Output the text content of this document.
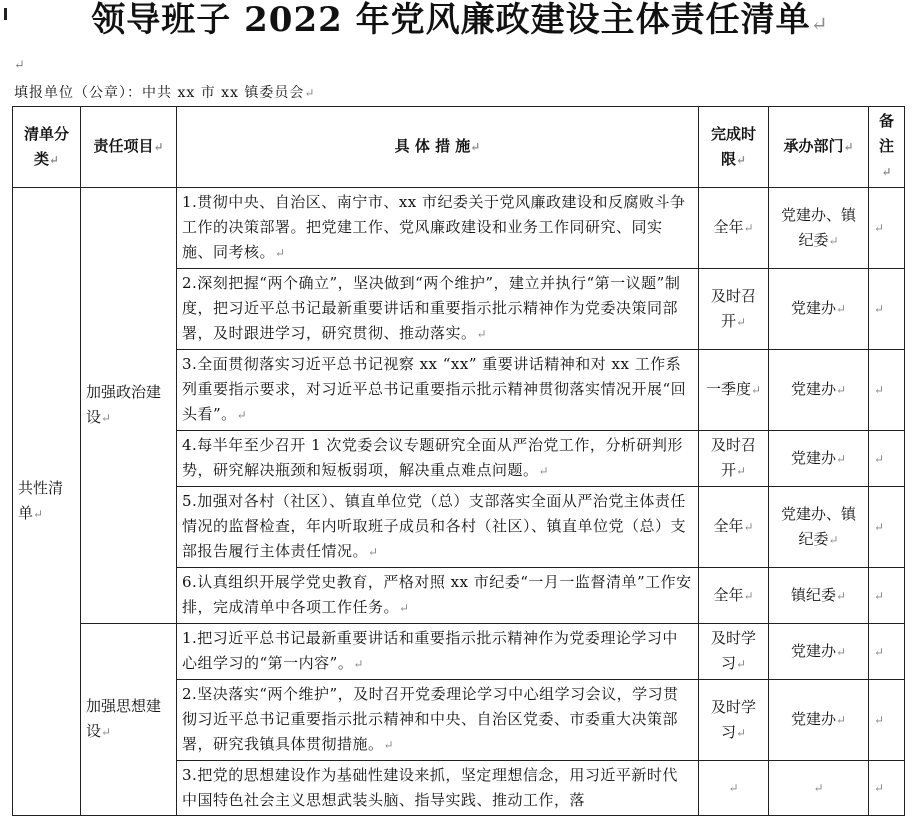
领导班子 2022 年党风廉政建设主体责任清单↵
↵
填报单位（公章）：中共 xx 市 xx 镇委员会↵
清单分类↵	责任项目↵	具 体 措 施↵	完成时限↵	承办部门↵	备注↵
共性清单↵	加强政治建设↵	1.贯彻中央、自治区、南宁市、xx 市纪委关于党风廉政建设和反腐败斗争工作的决策部署。把党建工作、党风廉政建设和业务工作同研究、同实施、同考核。↵	全年↵	党建办、镇纪委↵	↵
		2.深刻把握“两个确立”，坚决做到“两个维护”，建立并执行“第一议题”制度，把习近平总书记最新重要讲话和重要指示批示精神作为党委决策同部署，及时跟进学习，研究贯彻、推动落实。↵	及时召开↵	党建办↵	↵
		3.全面贯彻落实习近平总书记视察 xx “xx” 重要讲话精神和对 xx 工作系列重要指示要求，对习近平总书记重要指示批示精神贯彻落实情况开展“回头看”。↵	一季度↵	党建办↵	↵
		4.每半年至少召开 1 次党委会议专题研究全面从严治党工作，分析研判形势，研究解决瓶颈和短板弱项，解决重点难点问题。↵	及时召开↵	党建办↵	↵
		5.加强对各村（社区）、镇直单位党（总）支部落实全面从严治党主体责任情况的监督检查，年内听取班子成员和各村（社区）、镇直单位党（总）支部报告履行主体责任情况。↵	全年↵	党建办、镇纪委↵	↵
		6.认真组织开展学党史教育，严格对照 xx 市纪委“一月一监督清单”工作安排，完成清单中各项工作任务。↵	全年↵	镇纪委↵	↵
	加强思想建设↵	1.把习近平总书记最新重要讲话和重要指示批示精神作为党委理论学习中心组学习的“第一内容”。↵	及时学习↵	党建办↵	↵
		2.坚决落实“两个维护”，及时召开党委理论学习中心组学习会议，学习贯彻习近平总书记重要指示批示精神和中央、自治区党委、市委重大决策部署，研究我镇具体贯彻措施。↵	及时学习↵	党建办↵	↵
		3.把党的思想建设作为基础性建设来抓，坚定理想信念，用习近平新时代中国特色社会主义思想武装头脑、指导实践、推动工作，落	↵	↵	↵
